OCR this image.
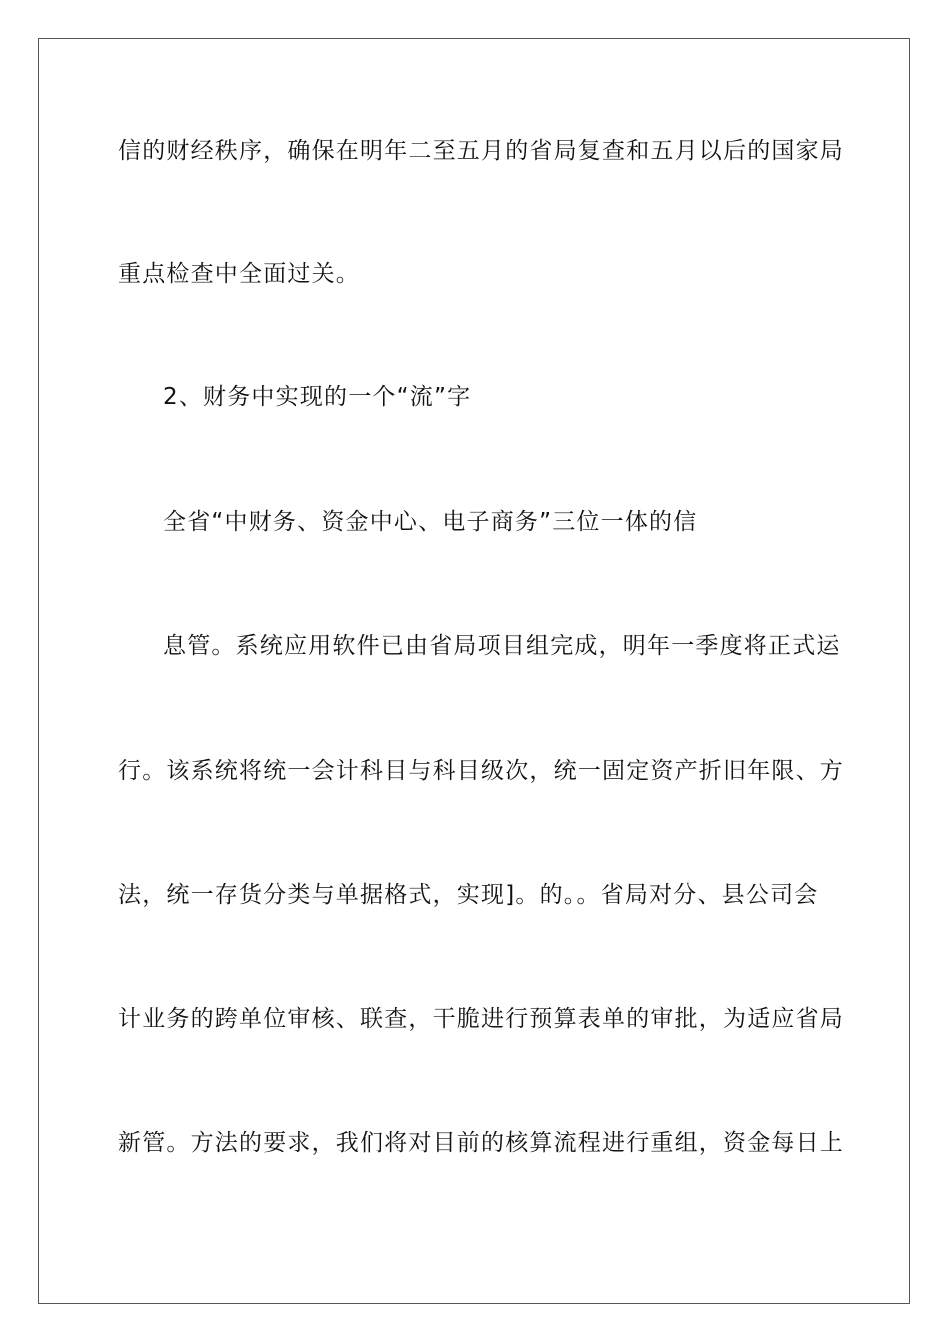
信的财经秩序，确保在明年二至五月的省局复查和五月以后的国家局
重点检查中全面过关。
2、财务中实现的一个“流”字
全省“中财务、资金中心、电子商务”三位一体的信
息管。系统应用软件已由省局项目组完成，明年一季度将正式运
行。该系统将统一会计科目与科目级次，统一固定资产折旧年限、方
法，统一存货分类与单据格式，实现]。的。。省局对分、县公司会
计业务的跨单位审核、联查，干脆进行预算表单的审批，为适应省局
新管。方法的要求，我们将对目前的核算流程进行重组，资金每日上
